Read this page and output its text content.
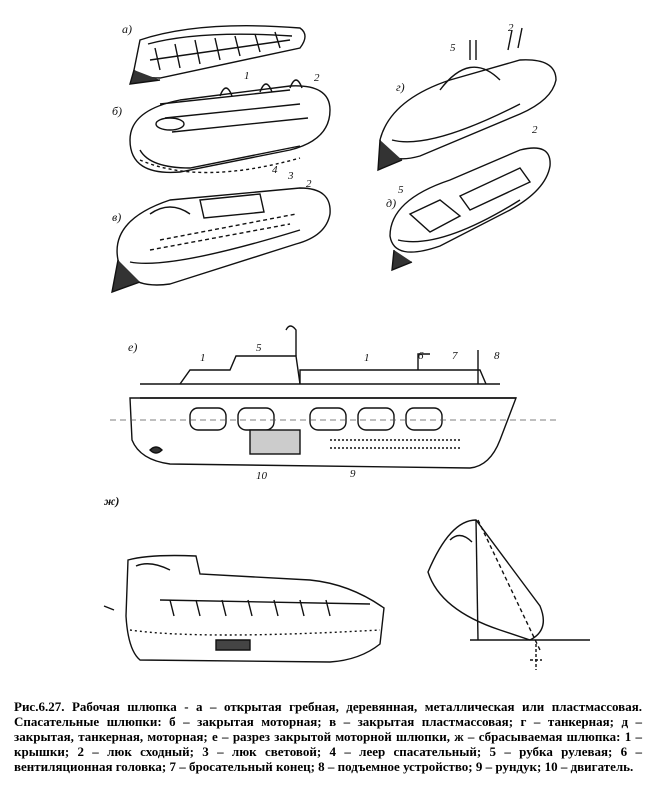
а)
б)
в)
г)
д)
е)
ж)
1	2
4 3
2
5
2
2
5
1
5
1	6	7	8
10	9

Рис.6.27. Рабочая шлюпка - а – открытая гребная, деревянная, металлическая или пластмассовая. Спасательные шлюпки: б – закрытая моторная; в – закрытая пластмассовая; г – танкерная; д – закрытая, танкерная, моторная; е – разрез закрытой моторной шлюпки, ж – сбрасываемая шлюпка: 1 – крышки; 2 – люк сходный; 3 – люк световой; 4 – леер спасательный; 5 – рубка рулевая; 6 – вентиляционная головка; 7 – бросательный конец; 8 – подъемное устройство; 9 – рундук; 10 – двигатель.
